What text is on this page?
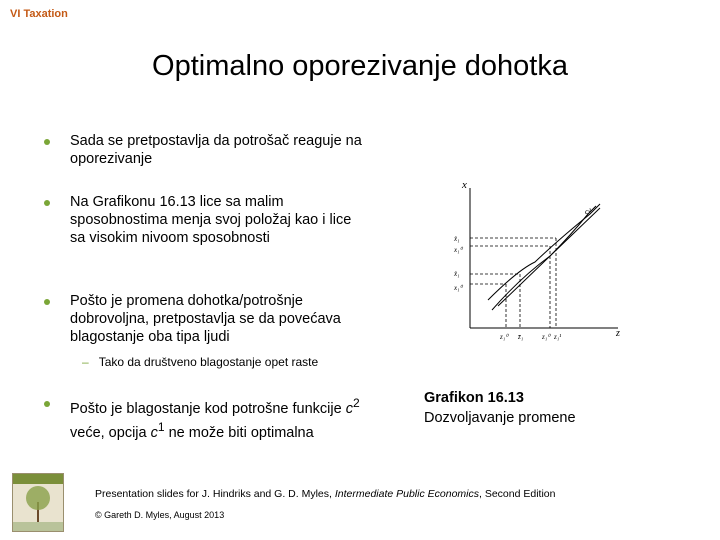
VI Taxation
Optimalno oporezivanje dohotka
Sada se pretpostavlja da potrošač reaguje na oporezivanje
Na Grafikonu 16.13 lice sa malim sposobnostima menja svoj položaj kao i lice sa visokim nivoom sposobnosti
Pošto je promena dohotka/potrošnje dobrovoljna, pretpostavlja se da povećava blagostanje oba tipa ljudi
– Tako da društveno blagostanje opet raste
Pošto je blagostanje kod potrošne funkcije $c^2$ veće, opcija $c^1$ ne može biti optimalna
x
z
c²
x̂₁
x₁⁰
x̂₁
x₁⁰
z₁⁰ z̄₁	z₁⁰ z₁¹
Grafikon 16.13
Dozvoljavanje promene
Presentation slides for J. Hindriks and G. D. Myles, Intermediate Public Economics, Second Edition
© Gareth D. Myles, August 2013
